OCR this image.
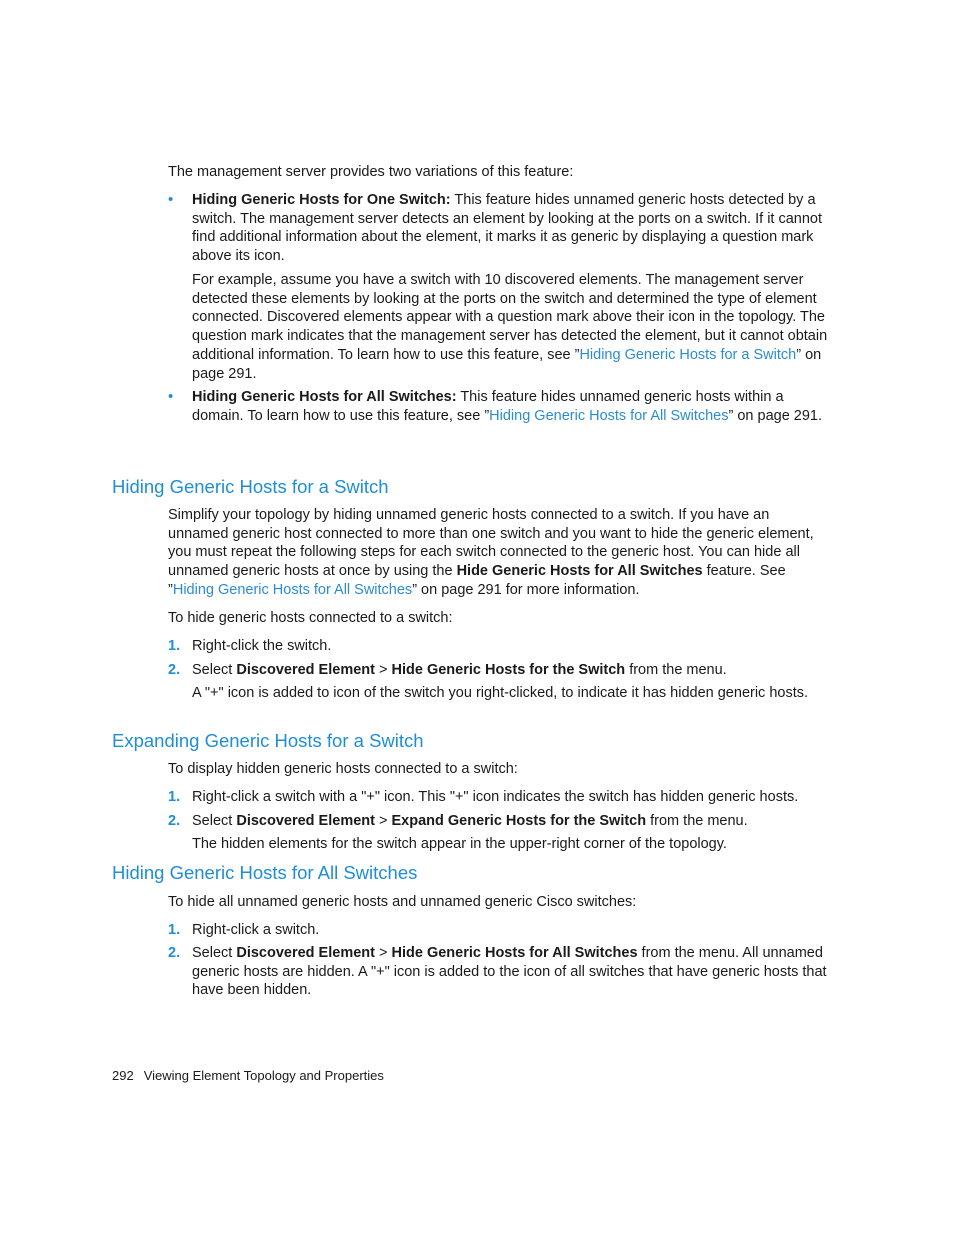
The management server provides two variations of this feature:

• Hiding Generic Hosts for One Switch: This feature hides unnamed generic hosts detected by a switch. The management server detects an element by looking at the ports on a switch. If it cannot find additional information about the element, it marks it as generic by displaying a question mark above its icon.

For example, assume you have a switch with 10 discovered elements. The management server detected these elements by looking at the ports on the switch and determined the type of element connected. Discovered elements appear with a question mark above their icon in the topology. The question mark indicates that the management server has detected the element, but it cannot obtain additional information. To learn how to use this feature, see ”Hiding Generic Hosts for a Switch” on page 291.

• Hiding Generic Hosts for All Switches: This feature hides unnamed generic hosts within a domain. To learn how to use this feature, see ”Hiding Generic Hosts for All Switches” on page 291.

Hiding Generic Hosts for a Switch

Simplify your topology by hiding unnamed generic hosts connected to a switch. If you have an unnamed generic host connected to more than one switch and you want to hide the generic element, you must repeat the following steps for each switch connected to the generic host. You can hide all unnamed generic hosts at once by using the Hide Generic Hosts for All Switches feature. See ”Hiding Generic Hosts for All Switches” on page 291 for more information.

To hide generic hosts connected to a switch:

1. Right-click the switch.

2. Select Discovered Element > Hide Generic Hosts for the Switch from the menu.

A "+" icon is added to icon of the switch you right-clicked, to indicate it has hidden generic hosts.

Expanding Generic Hosts for a Switch

To display hidden generic hosts connected to a switch:

1. Right-click a switch with a "+" icon. This "+" icon indicates the switch has hidden generic hosts.

2. Select Discovered Element > Expand Generic Hosts for the Switch from the menu.

The hidden elements for the switch appear in the upper-right corner of the topology.

Hiding Generic Hosts for All Switches

To hide all unnamed generic hosts and unnamed generic Cisco switches:

1. Right-click a switch.

2. Select Discovered Element > Hide Generic Hosts for All Switches from the menu. All unnamed generic hosts are hidden. A "+" icon is added to the icon of all switches that have generic hosts that have been hidden.

292 Viewing Element Topology and Properties
